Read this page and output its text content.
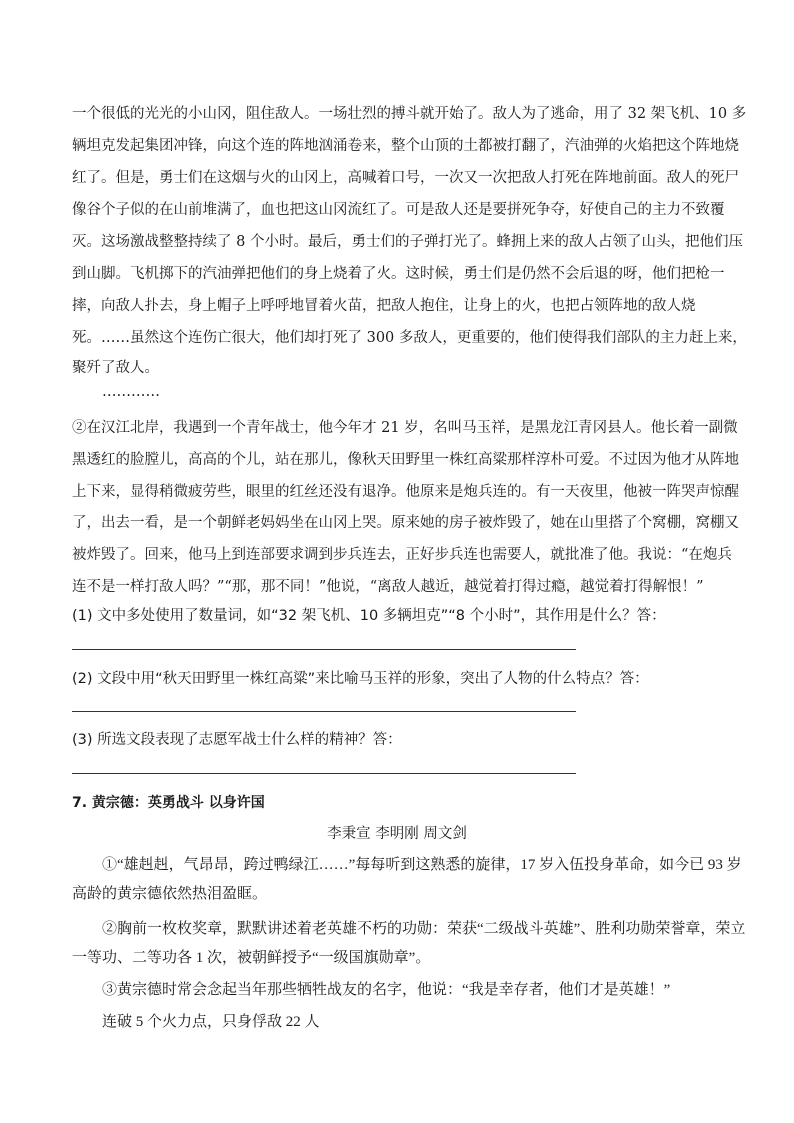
一个很低的光光的小山冈，阻住敌人。一场壮烈的搏斗就开始了。敌人为了逃命，用了 32 架飞机、10 多
辆坦克发起集团冲锋，向这个连的阵地汹涌卷来，整个山顶的土都被打翻了，汽油弹的火焰把这个阵地烧
红了。但是，勇士们在这烟与火的山冈上，高喊着口号，一次又一次把敌人打死在阵地前面。敌人的死尸
像谷个子似的在山前堆满了，血也把这山冈流红了。可是敌人还是要拼死争夺，好使自己的主力不致覆
灭。这场激战整整持续了 8 个小时。最后，勇士们的子弹打光了。蜂拥上来的敌人占领了山头，把他们压
到山脚。飞机掷下的汽油弹把他们的身上烧着了火。这时候，勇士们是仍然不会后退的呀，他们把枪一
摔，向敌人扑去，身上帽子上呼呼地冒着火苗，把敌人抱住，让身上的火，也把占领阵地的敌人烧
死。……虽然这个连伤亡很大，他们却打死了 300 多敌人，更重要的，他们使得我们部队的主力赶上来，
聚歼了敌人。
…………
②在汉江北岸，我遇到一个青年战士，他今年才 21 岁，名叫马玉祥，是黑龙江青冈县人。他长着一副微
黑透红的脸膛儿，高高的个儿，站在那儿，像秋天田野里一株红高粱那样淳朴可爱。不过因为他才从阵地
上下来，显得稍微疲劳些，眼里的红丝还没有退净。他原来是炮兵连的。有一天夜里，他被一阵哭声惊醒
了，出去一看，是一个朝鲜老妈妈坐在山冈上哭。原来她的房子被炸毁了，她在山里搭了个窝棚，窝棚又
被炸毁了。回来，他马上到连部要求调到步兵连去，正好步兵连也需要人，就批准了他。我说：“在炮兵
连不是一样打敌人吗？”“那，那不同！”他说，“离敌人越近，越觉着打得过瘾，越觉着打得解恨！”
(1) 文中多处使用了数量词，如“32 架飞机、10 多辆坦克”“8 个小时”，其作用是什么？答：
(2) 文段中用“秋天田野里一株红高粱”来比喻马玉祥的形象，突出了人物的什么特点？答：
(3) 所选文段表现了志愿军战士什么样的精神？答：
7. 黄宗德：英勇战斗 以身许国
李秉宣 李明刚 周文剑
①“雄赳赳，气昂昂，跨过鸭绿江……”每每听到这熟悉的旋律，17 岁入伍投身革命，如今已 93 岁
高龄的黄宗德依然热泪盈眶。
②胸前一枚枚奖章，默默讲述着老英雄不朽的功勋：荣获“二级战斗英雄”、胜利功勋荣誉章，荣立
一等功、二等功各 1 次，被朝鲜授予“一级国旗勋章”。
③黄宗德时常会念起当年那些牺牲战友的名字，他说：“我是幸存者，他们才是英雄！”
连破 5 个火力点，只身俘敌 22 人
